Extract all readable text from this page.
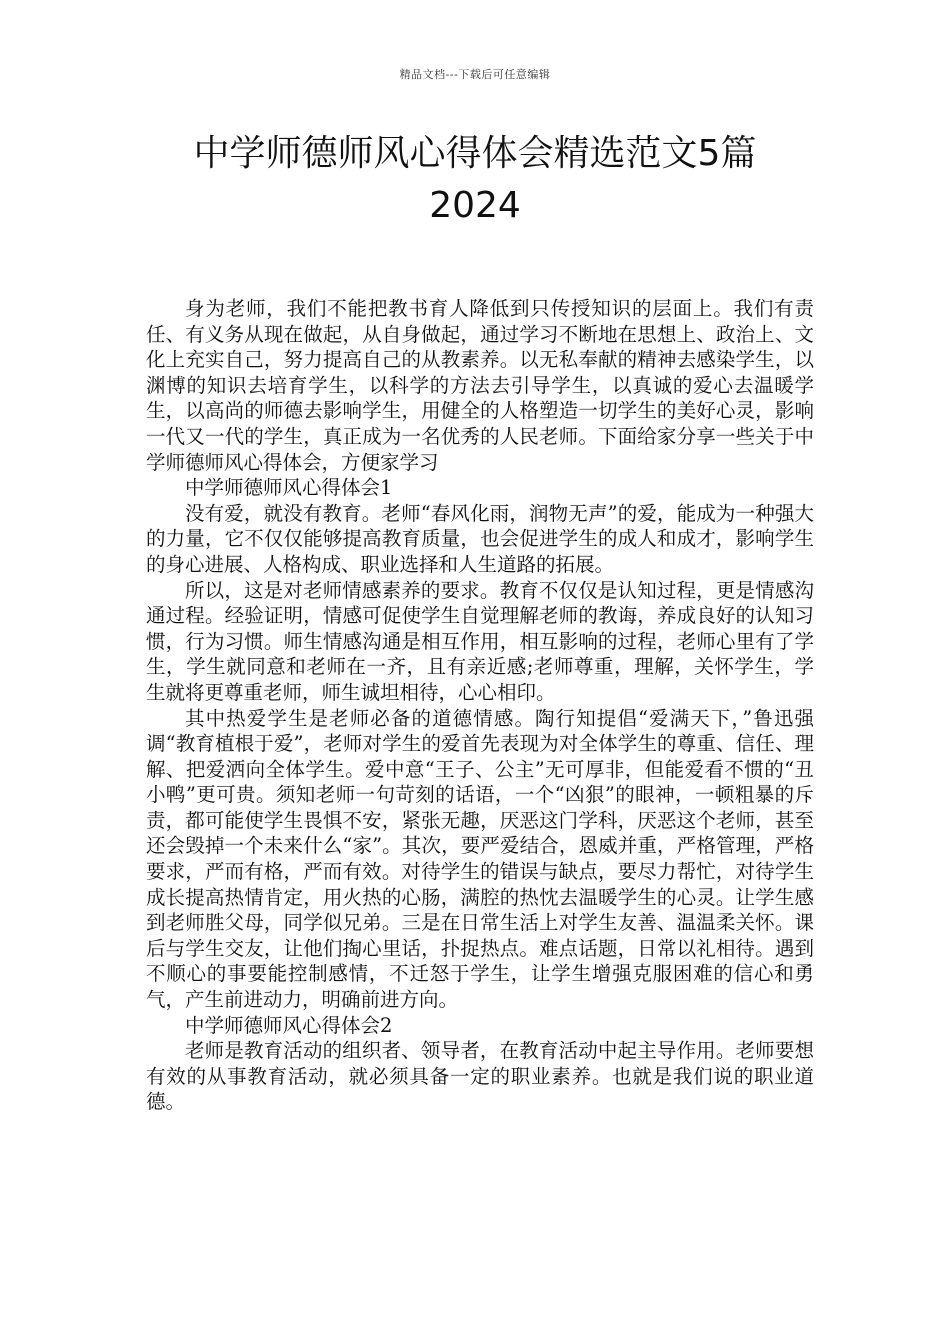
精品文档---下载后可任意编辑
中学师德师风心得体会精选范文5篇
2024

身为老师，我们不能把教书育人降低到只传授知识的层面上。我们有责任、有义务从现在做起，从自身做起，通过学习不断地在思想上、政治上、文化上充实自己，努力提高自己的从教素养。以无私奉献的精神去感染学生，以渊博的知识去培育学生，以科学的方法去引导学生，以真诚的爱心去温暖学生，以高尚的师德去影响学生，用健全的人格塑造一切学生的美好心灵，影响一代又一代的学生，真正成为一名优秀的人民老师。下面给家分享一些关于中学师德师风心得体会，方便家学习

中学师德师风心得体会1

没有爱，就没有教育。老师“春风化雨，润物无声”的爱，能成为一种强大的力量，它不仅仅能够提高教育质量，也会促进学生的成人和成才，影响学生的身心进展、人格构成、职业选择和人生道路的拓展。

所以，这是对老师情感素养的要求。教育不仅仅是认知过程，更是情感沟通过程。经验证明，情感可促使学生自觉理解老师的教诲，养成良好的认知习惯，行为习惯。师生情感沟通是相互作用，相互影响的过程，老师心里有了学生，学生就同意和老师在一齐，且有亲近感;老师尊重，理解，关怀学生，学生就将更尊重老师，师生诚坦相待，心心相印。

其中热爱学生是老师必备的道德情感。陶行知提倡“爱满天下，”鲁迅强调“教育植根于爱”，老师对学生的爱首先表现为对全体学生的尊重、信任、理解、把爱洒向全体学生。爱中意“王子、公主”无可厚非，但能爱看不惯的“丑小鸭”更可贵。须知老师一句苛刻的话语，一个“凶狠”的眼神，一顿粗暴的斥责，都可能使学生畏惧不安，紧张无趣，厌恶这门学科，厌恶这个老师，甚至还会毁掉一个未来什么“家”。其次，要严爱结合，恩威并重，严格管理，严格要求，严而有格，严而有效。对待学生的错误与缺点，要尽力帮忙，对待学生成长提高热情肯定，用火热的心肠，满腔的热忱去温暖学生的心灵。让学生感到老师胜父母，同学似兄弟。三是在日常生活上对学生友善、温温柔关怀。课后与学生交友，让他们掏心里话，扑捉热点。难点话题，日常以礼相待。遇到不顺心的事要能控制感情，不迁怒于学生，让学生增强克服困难的信心和勇气，产生前进动力，明确前进方向。

中学师德师风心得体会2

老师是教育活动的组织者、领导者，在教育活动中起主导作用。老师要想有效的从事教育活动，就必须具备一定的职业素养。也就是我们说的职业道德。
